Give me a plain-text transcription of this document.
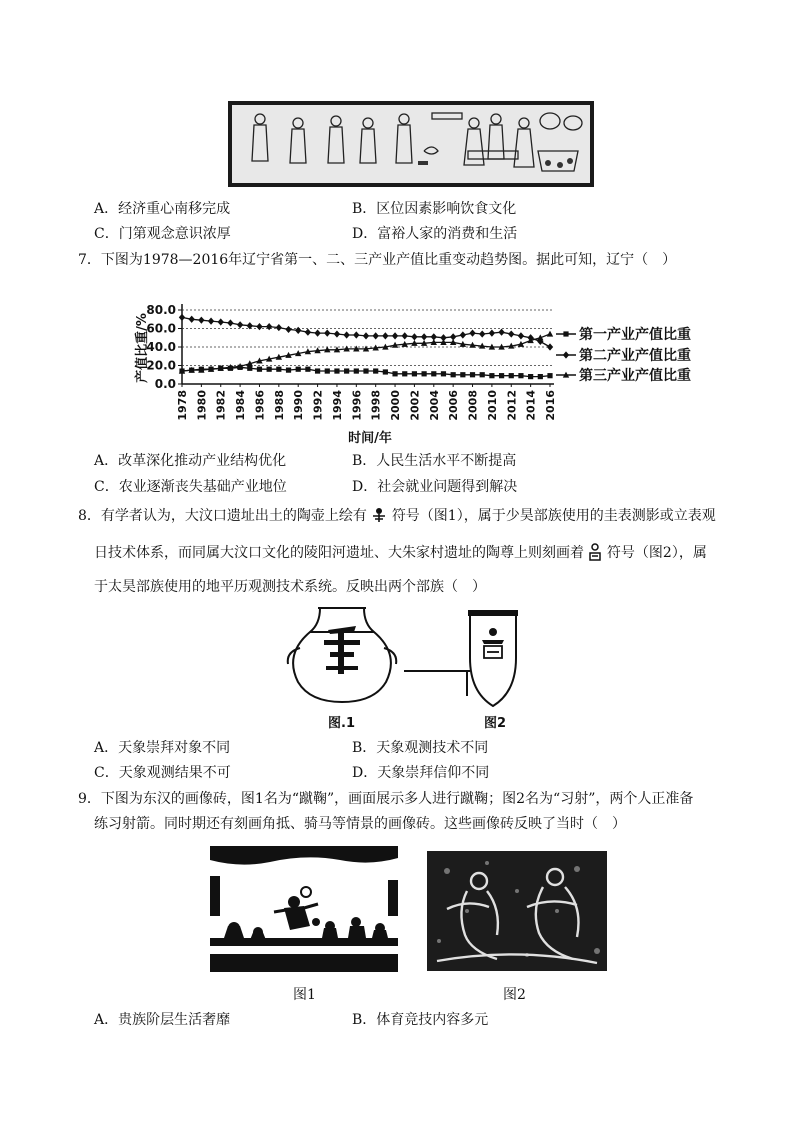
A．经济重心南移完成	B．区位因素影响饮食文化
C．门第观念意识浓厚	D．富裕人家的消费和生活
7．下图为1978—2016年辽宁省第一、二、三产业产值比重变动趋势图。据此可知，辽宁（　）
0.0
20.0
40.0
60.0
80.0
1978 1980 1982 1984 1986 1988 1990 1992 1994 1996 1998 2000 2002 2004 2006 2008 2010 2012 2014 2016
产值比重/%
时间/年
第一产业产值比重
第二产业产值比重
第三产业产值比重
A．改革深化推动产业结构优化	B．人民生活水平不断提高
C．农业逐渐丧失基础产业地位	D．社会就业问题得到解决
8．有学者认为，大汶口遗址出土的陶壶上绘有 符号（图1），属于少昊部族使用的圭表测影或立表观
日技术体系，而同属大汶口文化的陵阳河遗址、大朱家村遗址的陶尊上则刻画着 符号（图2），属
于太昊部族使用的地平历观测技术系统。反映出两个部族（　）
图.1	图2
A．天象崇拜对象不同	B．天象观测技术不同
C．天象观测结果不可	D．天象崇拜信仰不同
9．下图为东汉的画像砖，图1名为“蹴鞠”，画面展示多人进行蹴鞠；图2名为“习射”，两个人正准备
练习射箭。同时期还有刻画角抵、骑马等情景的画像砖。这些画像砖反映了当时（　）
图1	图2
A．贵族阶层生活奢靡	B．体育竞技内容多元
